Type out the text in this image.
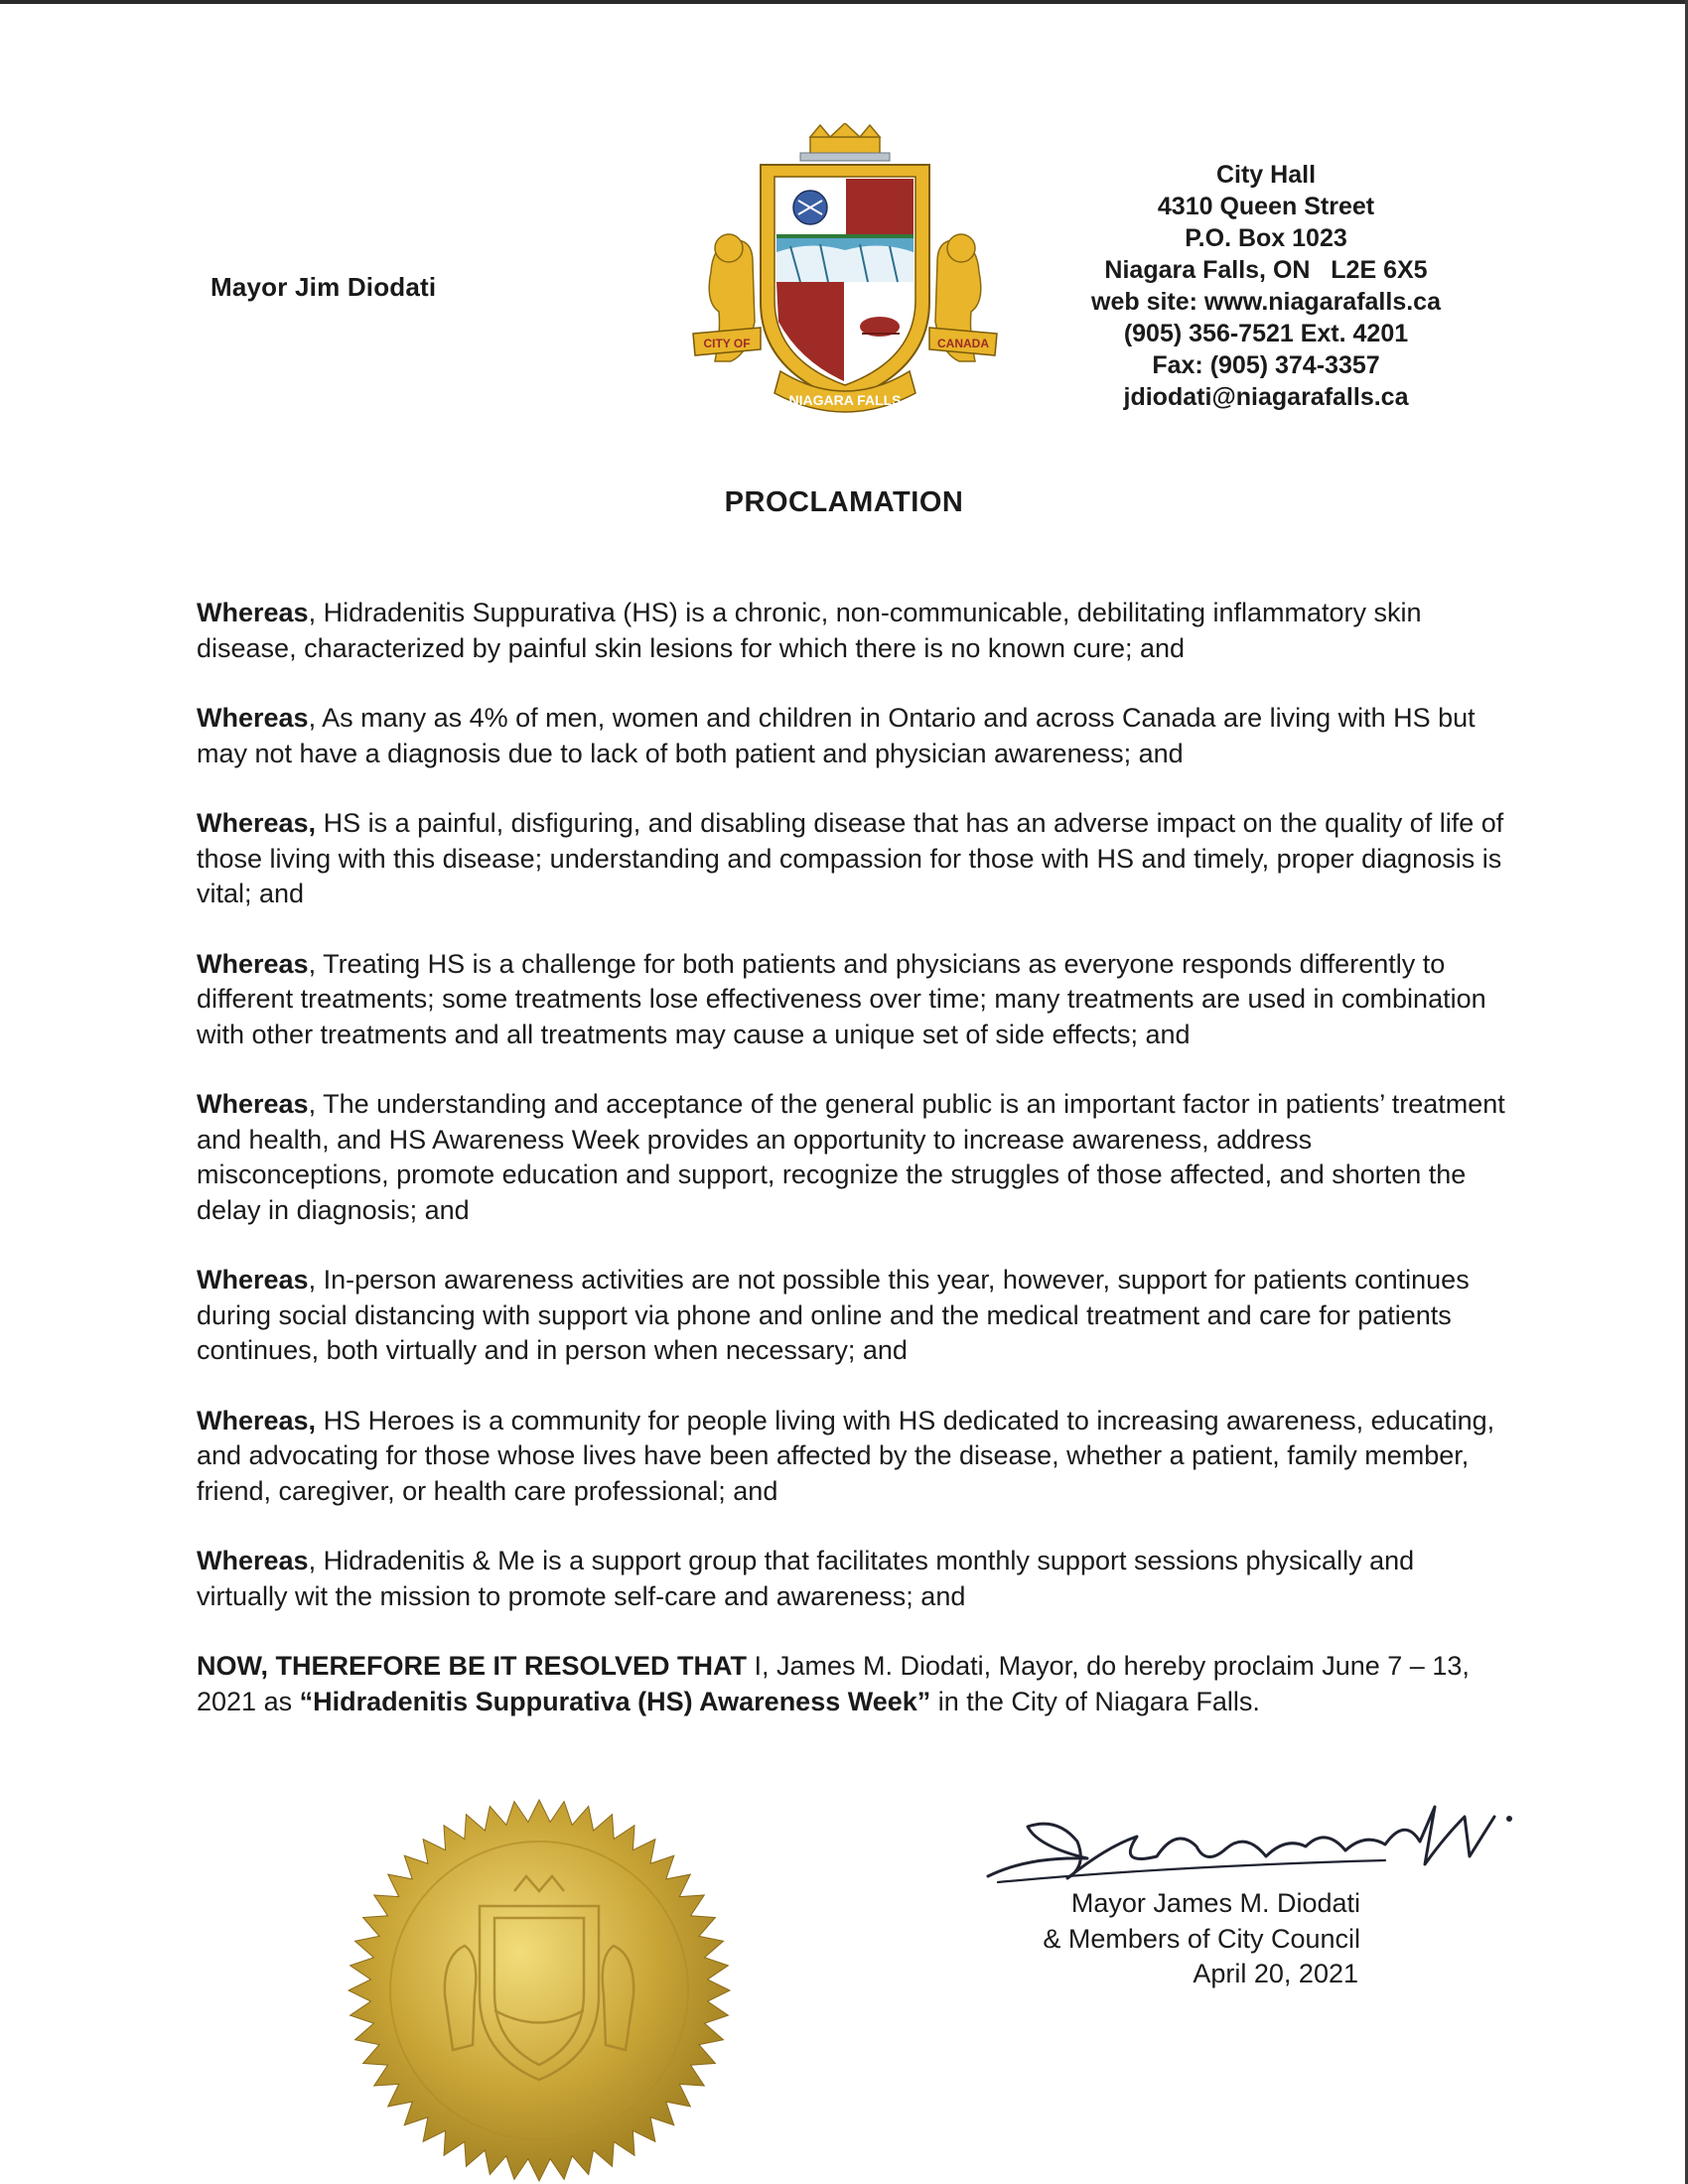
Mayor Jim Diodati
CITY OF	CANADA
NIAGARA FALLS
City Hall
4310 Queen Street
P.O. Box 1023
Niagara Falls, ON   L2E 6X5
web site: www.niagarafalls.ca
(905) 356-7521 Ext. 4201
Fax: (905) 374-3357
jdiodati@niagarafalls.ca
PROCLAMATION

Whereas, Hidradenitis Suppurativa (HS) is a chronic, non-communicable, debilitating inflammatory skin disease, characterized by painful skin lesions for which there is no known cure; and

Whereas, As many as 4% of men, women and children in Ontario and across Canada are living with HS but may not have a diagnosis due to lack of both patient and physician awareness; and

Whereas, HS is a painful, disfiguring, and disabling disease that has an adverse impact on the quality of life of those living with this disease; understanding and compassion for those with HS and timely, proper diagnosis is vital; and

Whereas, Treating HS is a challenge for both patients and physicians as everyone responds differently to different treatments; some treatments lose effectiveness over time; many treatments are used in combination with other treatments and all treatments may cause a unique set of side effects; and

Whereas, The understanding and acceptance of the general public is an important factor in patients’ treatment and health, and HS Awareness Week provides an opportunity to increase awareness, address misconceptions, promote education and support, recognize the struggles of those affected, and shorten the delay in diagnosis; and

Whereas, In-person awareness activities are not possible this year, however, support for patients continues during social distancing with support via phone and online and the medical treatment and care for patients continues, both virtually and in person when necessary; and

Whereas, HS Heroes is a community for people living with HS dedicated to increasing awareness, educating, and advocating for those whose lives have been affected by the disease, whether a patient, family member, friend, caregiver, or health care professional; and

Whereas, Hidradenitis & Me is a support group that facilitates monthly support sessions physically and virtually wit the mission to promote self-care and awareness; and

NOW, THEREFORE BE IT RESOLVED THAT I, James M. Diodati, Mayor, do hereby proclaim June 7 – 13, 2021 as “Hidradenitis Suppurativa (HS) Awareness Week” in the City of Niagara Falls.

Mayor James M. Diodati
& Members of City Council
April 20, 2021
